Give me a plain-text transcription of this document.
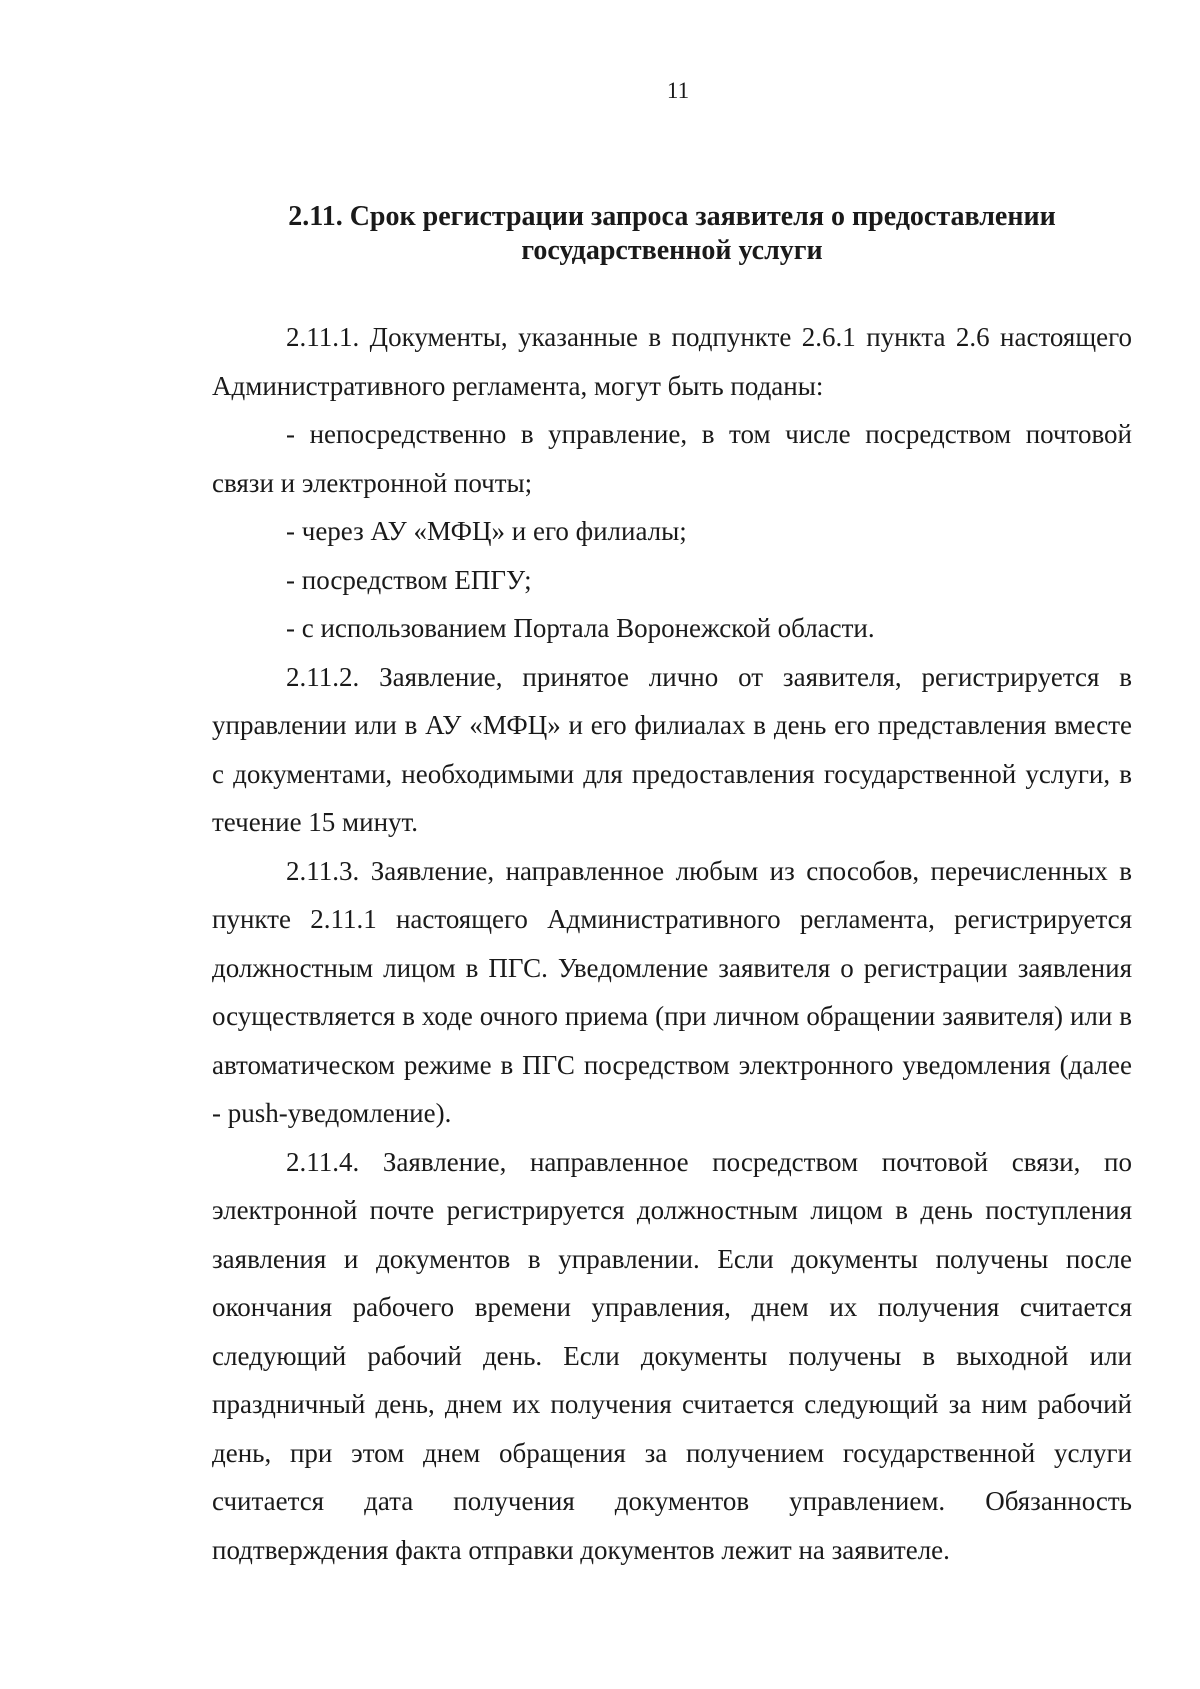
11
2.11. Срок регистрации запроса заявителя о предоставлении государственной услуги

2.11.1. Документы, указанные в подпункте 2.6.1 пункта 2.6 настоящего Административного регламента, могут быть поданы:

- непосредственно в управление, в том числе посредством почтовой связи и электронной почты;

- через АУ «МФЦ» и его филиалы;

- посредством ЕПГУ;

- с использованием Портала Воронежской области.

2.11.2. Заявление, принятое лично от заявителя, регистрируется в управлении или в АУ «МФЦ» и его филиалах в день его представления вместе с документами, необходимыми для предоставления государственной услуги, в течение 15 минут.

2.11.3. Заявление, направленное любым из способов, перечисленных в пункте 2.11.1 настоящего Административного регламента, регистрируется должностным лицом в ПГС. Уведомление заявителя о регистрации заявления осуществляется в ходе очного приема (при личном обращении заявителя) или в автоматическом режиме в ПГС посредством электронного уведомления (далее - push-уведомление).

2.11.4. Заявление, направленное посредством почтовой связи, по электронной почте регистрируется должностным лицом в день поступления заявления и документов в управлении. Если документы получены после окончания рабочего времени управления, днем их получения считается следующий рабочий день. Если документы получены в выходной или праздничный день, днем их получения считается следующий за ним рабочий день, при этом днем обращения за получением государственной услуги считается дата получения документов управлением. Обязанность подтверждения факта отправки документов лежит на заявителе.
